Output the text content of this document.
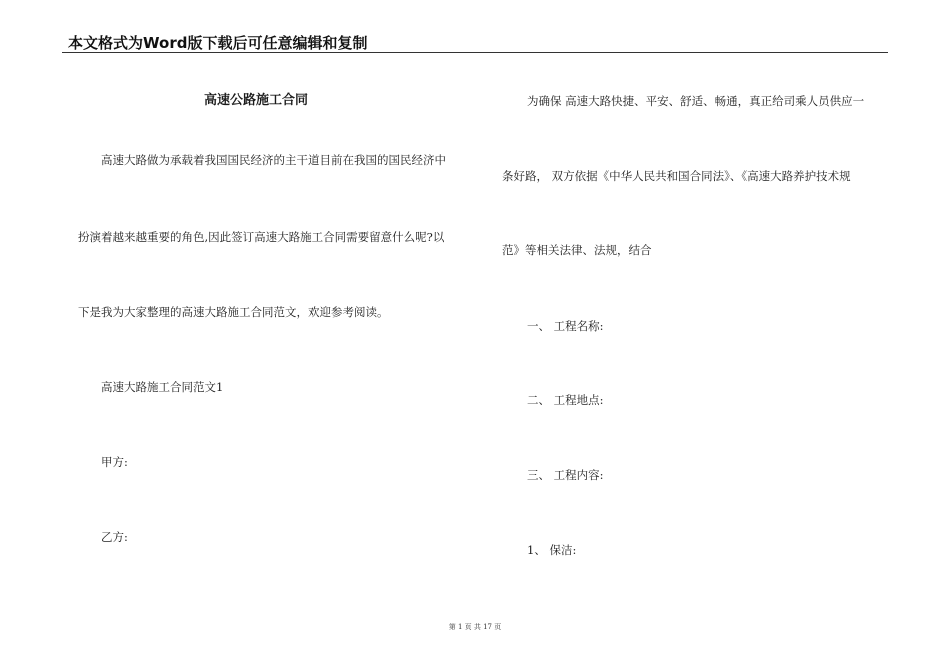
本文格式为Word版下载后可任意编辑和复制
高速公路施工合同
高速大路做为承载着我国国民经济的主干道目前在我国的国民经济中
扮演着越来越重要的角色,因此签订高速大路施工合同需要留意什么呢?以
下是我为大家整理的高速大路施工合同范文，欢迎参考阅读。
高速大路施工合同范文1
甲方:
乙方:
为确保 高速大路快捷、平安、舒适、畅通，真正给司乘人员供应一
条好路， 双方依据《中华人民共和国合同法》、《高速大路养护技术规
范》等相关法律、法规，结合
一、 工程名称:
二、 工程地点:
三、 工程内容:
1、 保洁:
第 1 页 共 17 页
